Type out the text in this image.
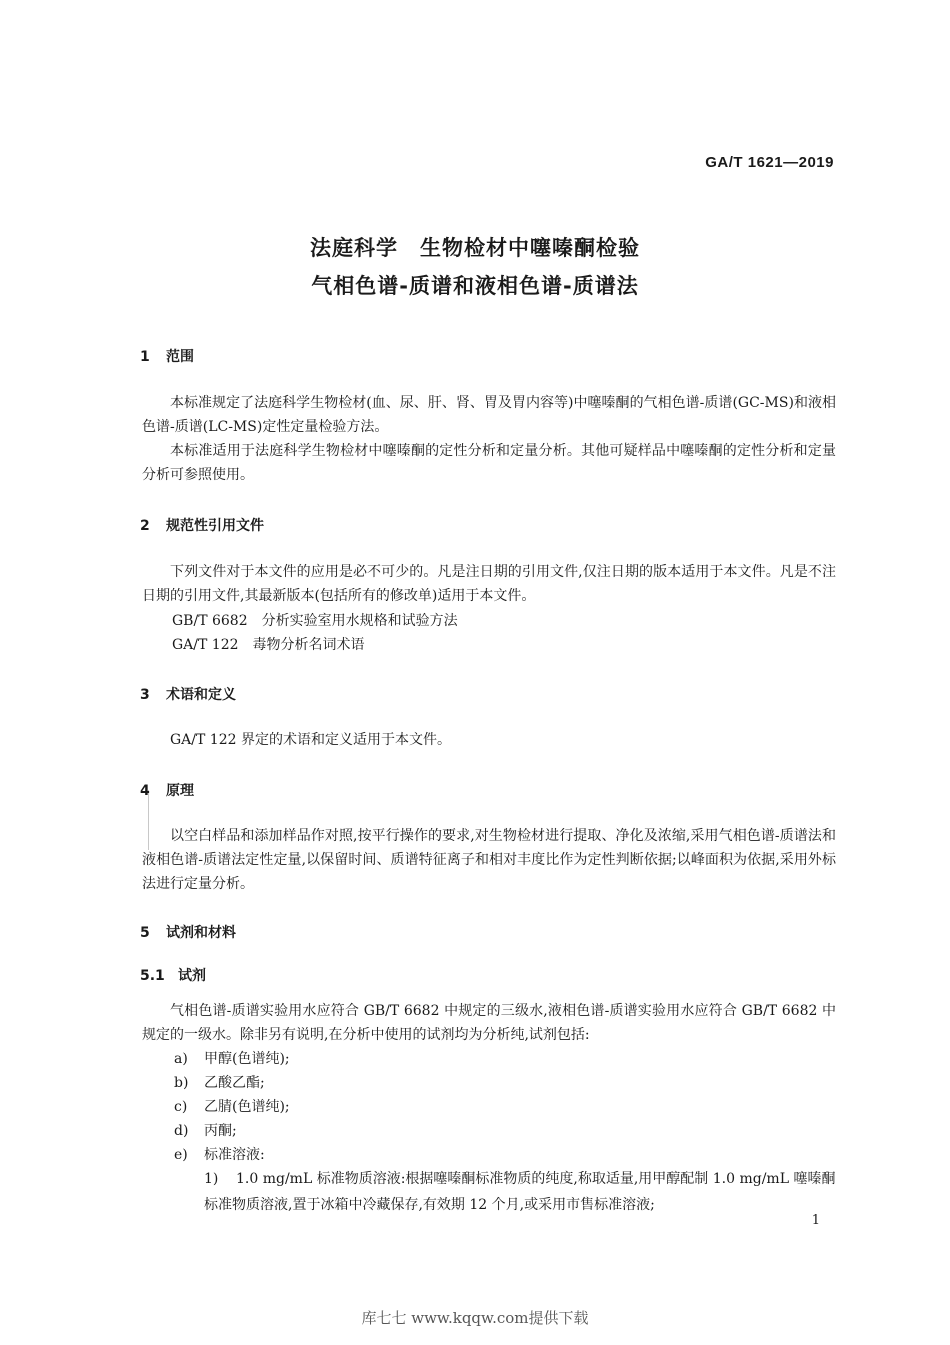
GA/T 1621—2019
法庭科学　生物检材中噻嗪酮检验
气相色谱-质谱和液相色谱-质谱法
1 范围
本标准规定了法庭科学生物检材(血、尿、肝、肾、胃及胃内容等)中噻嗪酮的气相色谱-质谱(GC-MS)和液相色谱-质谱(LC-MS)定性定量检验方法。
本标准适用于法庭科学生物检材中噻嗪酮的定性分析和定量分析。其他可疑样品中噻嗪酮的定性分析和定量分析可参照使用。
2 规范性引用文件
下列文件对于本文件的应用是必不可少的。凡是注日期的引用文件,仅注日期的版本适用于本文件。凡是不注日期的引用文件,其最新版本(包括所有的修改单)适用于本文件。
GB/T 6682 分析实验室用水规格和试验方法
GA/T 122 毒物分析名词术语
3 术语和定义
GA/T 122 界定的术语和定义适用于本文件。
4 原理
以空白样品和添加样品作对照,按平行操作的要求,对生物检材进行提取、净化及浓缩,采用气相色谱-质谱法和液相色谱-质谱法定性定量,以保留时间、质谱特征离子和相对丰度比作为定性判断依据;以峰面积为依据,采用外标法进行定量分析。
5 试剂和材料
5.1 试剂
气相色谱-质谱实验用水应符合 GB/T 6682 中规定的三级水,液相色谱-质谱实验用水应符合 GB/T 6682 中规定的一级水。除非另有说明,在分析中使用的试剂均为分析纯,试剂包括:
a) 甲醇(色谱纯);
b) 乙酸乙酯;
c) 乙腈(色谱纯);
d) 丙酮;
e) 标准溶液:
1) 1.0 mg/mL 标准物质溶液:根据噻嗪酮标准物质的纯度,称取适量,用甲醇配制 1.0 mg/mL 噻嗪酮标准物质溶液,置于冰箱中冷藏保存,有效期 12 个月,或采用市售标准溶液;
1
库七七 www.kqqw.com提供下载
